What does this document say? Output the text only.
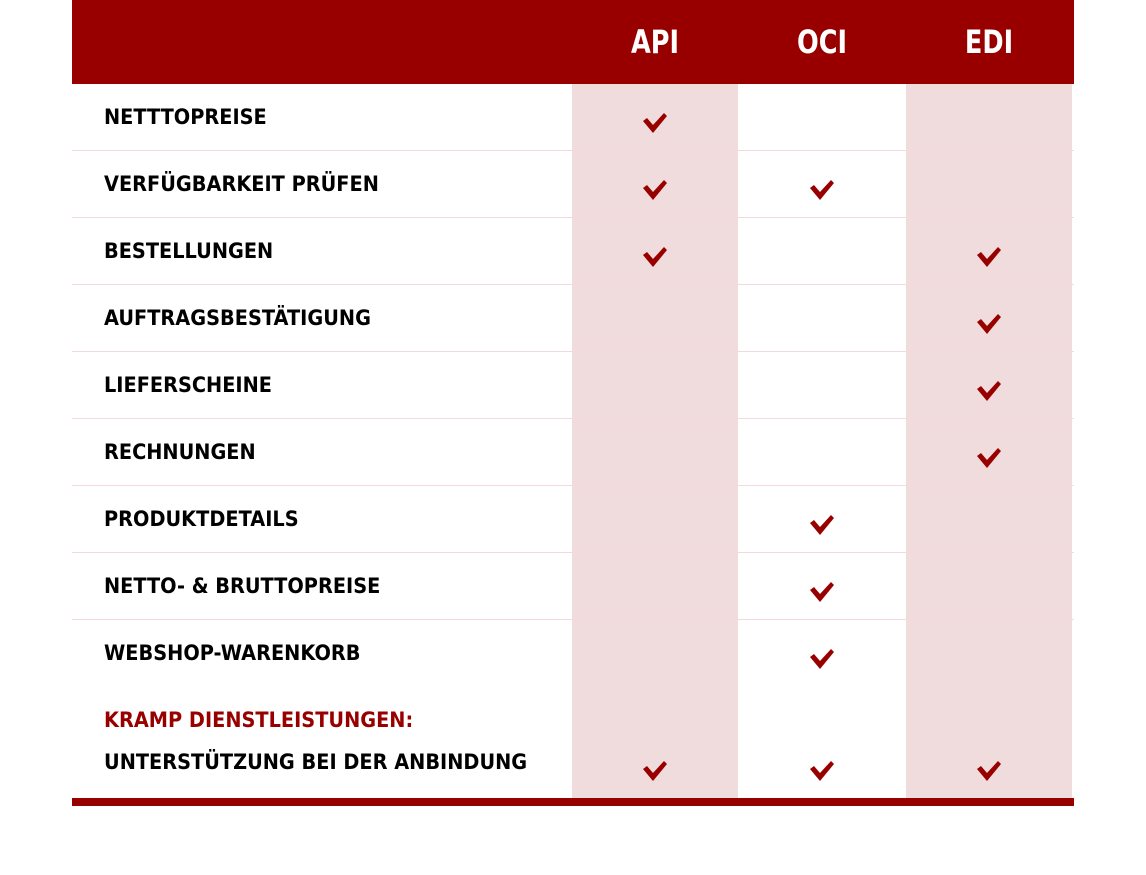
API	OCI	EDI
NETTTOPREISE
VERFÜGBARKEIT PRÜFEN
BESTELLUNGEN
AUFTRAGSBESTÄTIGUNG
LIEFERSCHEINE
RECHNUNGEN
PRODUKTDETAILS
NETTO- & BRUTTOPREISE
WEBSHOP-WARENKORB
KRAMP DIENSTLEISTUNGEN:
UNTERSTÜTZUNG BEI DER ANBINDUNG
